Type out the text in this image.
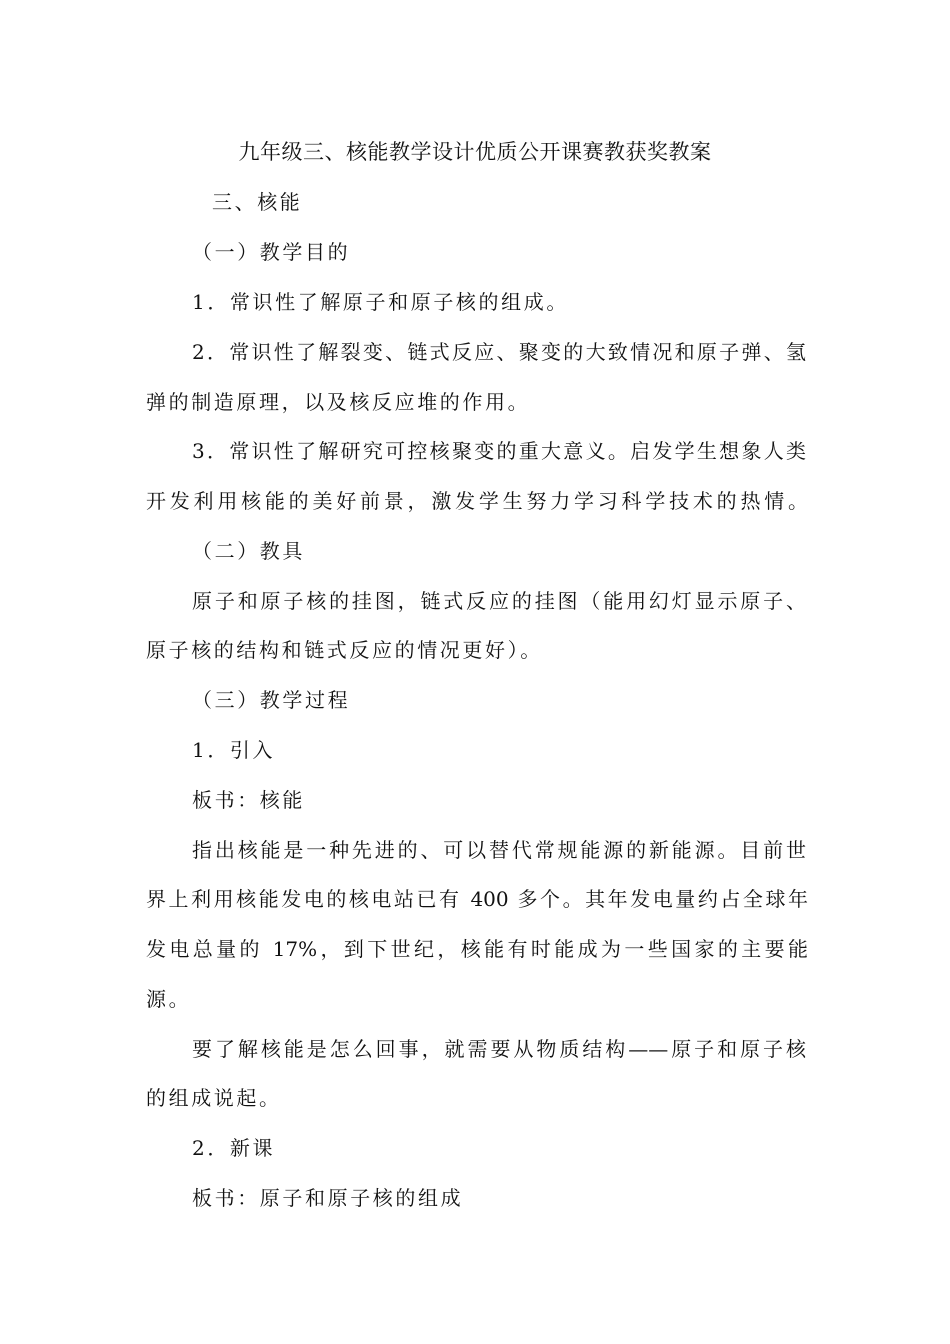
九年级三、核能教学设计优质公开课赛教获奖教案
三、核能
（一）教学目的
1．常识性了解原子和原子核的组成。
2．常识性了解裂变、链式反应、聚变的大致情况和原子弹、氢
弹的制造原理，以及核反应堆的作用。
3．常识性了解研究可控核聚变的重大意义。启发学生想象人类
开发利用核能的美好前景，激发学生努力学习科学技术的热情。
（二）教具
原子和原子核的挂图，链式反应的挂图（能用幻灯显示原子、
原子核的结构和链式反应的情况更好）。
（三）教学过程
1．引入
板书：核能
指出核能是一种先进的、可以替代常规能源的新能源。目前世
界上利用核能发电的核电站已有 400 多个。其年发电量约占全球年
发电总量的 17%，到下世纪，核能有时能成为一些国家的主要能
源。
要了解核能是怎么回事，就需要从物质结构——原子和原子核
的组成说起。
2．新课
板书：原子和原子核的组成
